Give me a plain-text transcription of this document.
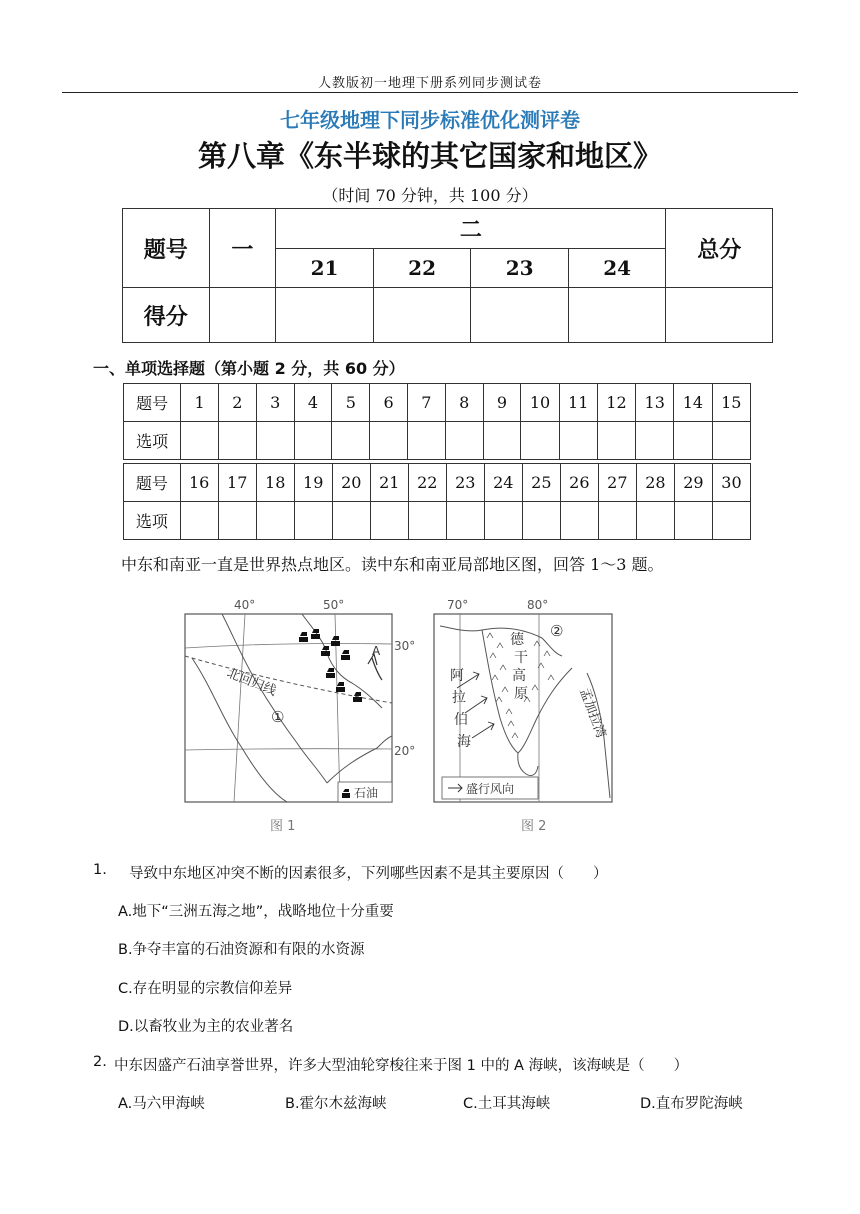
人教版初一地理下册系列同步测试卷
七年级地理下同步标准优化测评卷
第八章《东半球的其它国家和地区》
（时间 70 分钟，共 100 分）
题号	一	二				总分
		21	22	23	24	
得分						
一、单项选择题（第小题 2 分，共 60 分）
题号	1	2	3	4	5	6	7	8	9	10	11	12	13	14	15
选项															
题号	16	17	18	19	20	21	22	23	24	25	26	27	28	29	30
选项															
中东和南亚一直是世界热点地区。读中东和南亚局部地区图，回答 1～3 题。
40°	50°
30°
20°
A
北回归线
①
石油
图 1
70°	80°
②
德
干
高
原
阿
拉
伯
海
孟加拉湾
盛行风向
图 2
1. 导致中东地区冲突不断的因素很多，下列哪些因素不是其主要原因（　　）
A.地下“三洲五海之地”，战略地位十分重要
B.争夺丰富的石油资源和有限的水资源
C.存在明显的宗教信仰差异
D.以畜牧业为主的农业著名
2. 中东因盛产石油享誉世界，许多大型油轮穿梭往来于图 1 中的 A 海峡，该海峡是（　　）
A.马六甲海峡	B.霍尔木兹海峡	C.土耳其海峡	D.直布罗陀海峡
